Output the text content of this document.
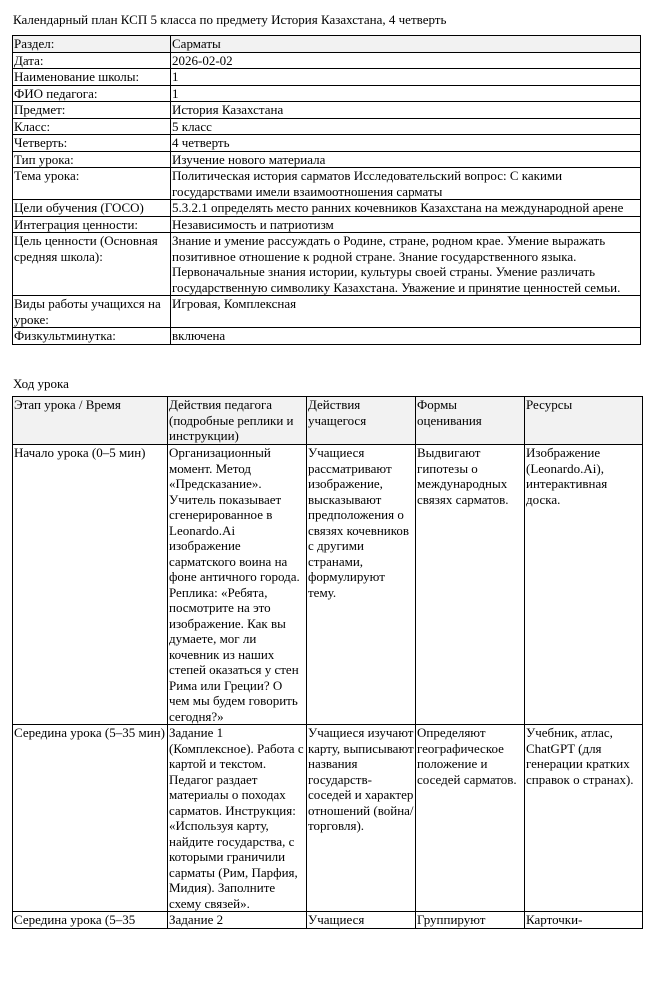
Календарный план КСП 5 класса по предмету История Казахстана, 4 четверть
Раздел:	Сарматы
Дата:	2026-02-02
Наименование школы:	1
ФИО педагога:	1
Предмет:	История Казахстана
Класс:	5 класс
Четверть:	4 четверть
Тип урока:	Изучение нового материала
Тема урока:	Политическая история сарматов Исследовательский вопрос: С какими государствами имели взаимоотношения сарматы
Цели обучения (ГОСО)	5.3.2.1 определять место ранних кочевников Казахстана на международной арене
Интеграция ценности:	Независимость и патриотизм
Цель ценности (Основная средняя школа):	Знание и умение рассуждать о Родине, стране, родном крае. Умение выражать позитивное отношение к родной стране. Знание государственного языка. Первоначальные знания истории, культуры своей страны. Умение различать государственную символику Казахстана. Уважение и принятие ценностей семьи.
Виды работы учащихся на уроке:	Игровая, Комплексная
Физкультминутка:	включена
Ход урока
Этап урока / Время	Действия педагога (подробные реплики и инструкции)	Действия учащегося	Формы оценивания	Ресурсы
Начало урока (0–5 мин)	Организационный момент. Метод «Предсказание». Учитель показывает сгенерированное в Leonardo.Ai изображение сарматского воина на фоне античного города. Реплика: «Ребята, посмотрите на это изображение. Как вы думаете, мог ли кочевник из наших степей оказаться у стен Рима или Греции? О чем мы будем говорить сегодня?»	Учащиеся рассматривают изображение, высказывают предположения о связях кочевников с другими странами, формулируют тему.	Выдвигают гипотезы о международных связях сарматов.	Изображение (Leonardo.Ai), интерактивная доска.
Середина урока (5–35 мин)	Задание 1 (Комплексное). Работа с картой и текстом. Педагог раздает материалы о походах сарматов. Инструкция: «Используя карту, найдите государства, с которыми граничили сарматы (Рим, Парфия, Мидия). Заполните схему связей».	Учащиеся изучают карту, выписывают названия государств-соседей и характер отношений (война/торговля).	Определяют географическое положение и соседей сарматов.	Учебник, атлас, ChatGPT (для генерации кратких справок о странах).
Середина урока (5–35	Задание 2	Учащиеся	Группируют	Карточки-
